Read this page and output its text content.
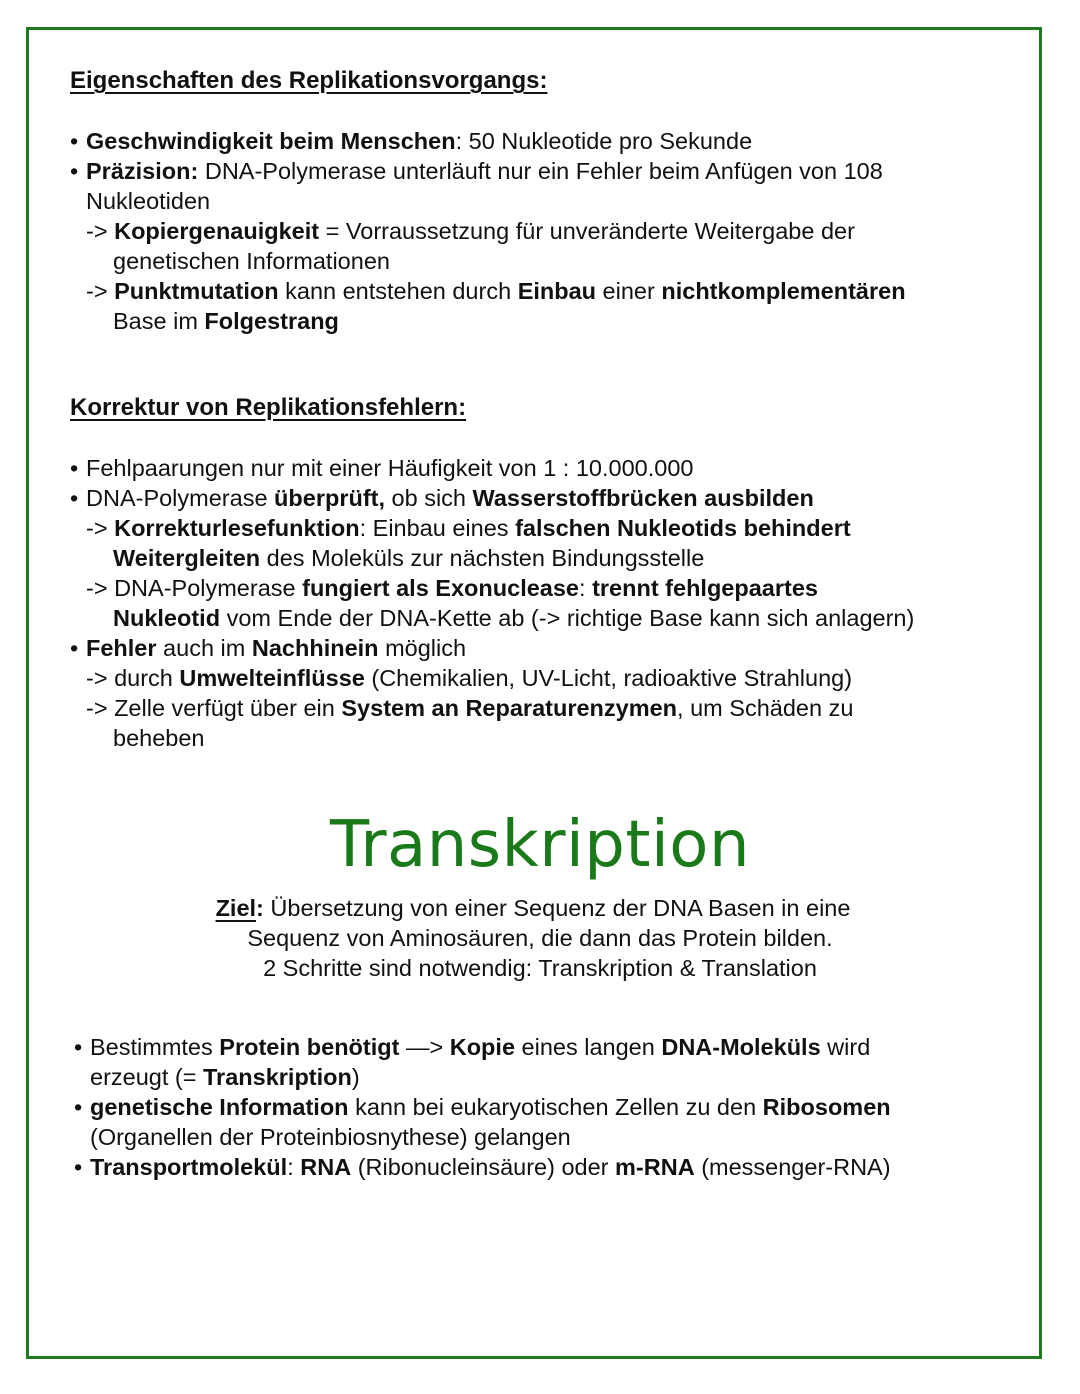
Eigenschaften des Replikationsvorgangs:
• Geschwindigkeit beim Menschen: 50 Nukleotide pro Sekunde
• Präzision: DNA-Polymerase unterläuft nur ein Fehler beim Anfügen von 108
Nukleotiden
-> Kopiergenauigkeit = Vorraussetzung für unveränderte Weitergabe der
genetischen Informationen
-> Punktmutation kann entstehen durch Einbau einer nichtkomplementären
Base im Folgestrang
Korrektur von Replikationsfehlern:
• Fehlpaarungen nur mit einer Häufigkeit von 1 : 10.000.000
• DNA-Polymerase überprüft, ob sich Wasserstoffbrücken ausbilden
-> Korrekturlesefunktion: Einbau eines falschen Nukleotids behindert
Weitergleiten des Moleküls zur nächsten Bindungsstelle
-> DNA-Polymerase fungiert als Exonuclease: trennt fehlgepaartes
Nukleotid vom Ende der DNA-Kette ab (-> richtige Base kann sich anlagern)
• Fehler auch im Nachhinein möglich
-> durch Umwelteinflüsse (Chemikalien, UV-Licht, radioaktive Strahlung)
-> Zelle verfügt über ein System an Reparaturenzymen, um Schäden zu
beheben
Transkription
Ziel: Übersetzung von einer Sequenz der DNA Basen in eine
Sequenz von Aminosäuren, die dann das Protein bilden.
2 Schritte sind notwendig: Transkription & Translation
• Bestimmtes Protein benötigt —> Kopie eines langen DNA-Moleküls wird
erzeugt (= Transkription)
• genetische Information kann bei eukaryotischen Zellen zu den Ribosomen
(Organellen der Proteinbiosnythese) gelangen
• Transportmolekül: RNA (Ribonucleinsäure) oder m-RNA (messenger-RNA)
